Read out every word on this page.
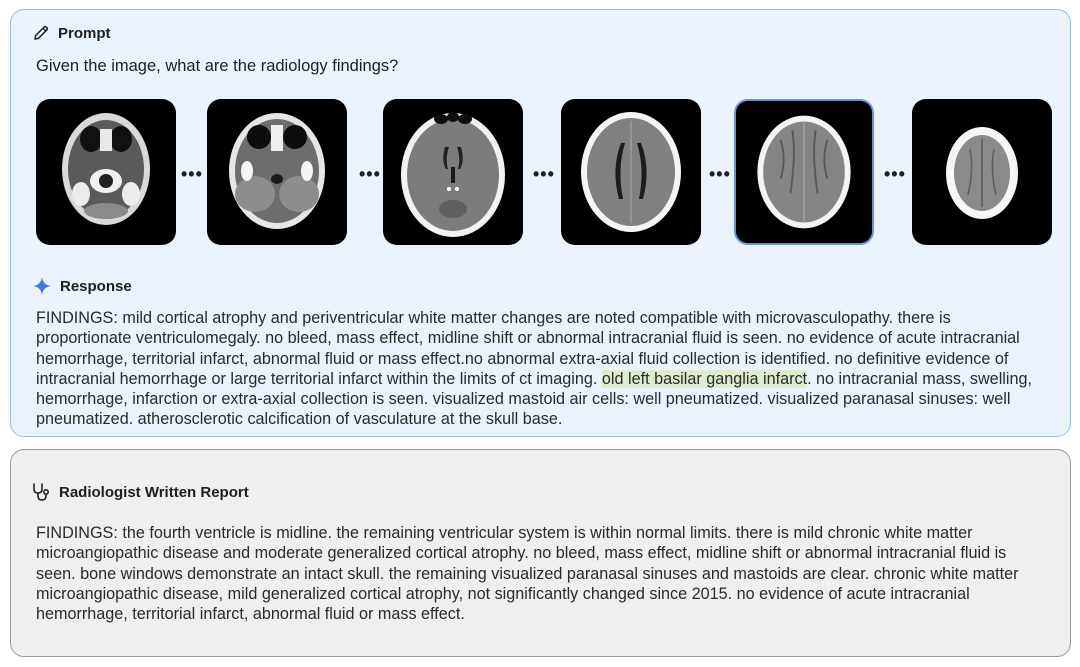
Prompt
Given the image, what are the radiology findings?
•••	•••	•••	•••	•••
Response

FINDINGS: mild cortical atrophy and periventricular white matter changes are noted compatible with microvasculopathy. there is proportionate ventriculomegaly. no bleed, mass effect, midline shift or abnormal intracranial fluid is seen. no evidence of acute intracranial hemorrhage, territorial infarct, abnormal fluid or mass effect.no abnormal extra-axial fluid collection is identified. no definitive evidence of intracranial hemorrhage or large territorial infarct within the limits of ct imaging. old left basilar ganglia infarct. no intracranial mass, swelling, hemorrhage, infarction or extra-axial collection is seen. visualized mastoid air cells: well pneumatized. visualized paranasal sinuses: well pneumatized. atherosclerotic calcification of vasculature at the skull base.

Radiologist Written Report

FINDINGS: the fourth ventricle is midline. the remaining ventricular system is within normal limits. there is mild chronic white matter microangiopathic disease and moderate generalized cortical atrophy. no bleed, mass effect, midline shift or abnormal intracranial fluid is seen. bone windows demonstrate an intact skull. the remaining visualized paranasal sinuses and mastoids are clear. chronic white matter microangiopathic disease, mild generalized cortical atrophy, not significantly changed since 2015. no evidence of acute intracranial hemorrhage, territorial infarct, abnormal fluid or mass effect.
